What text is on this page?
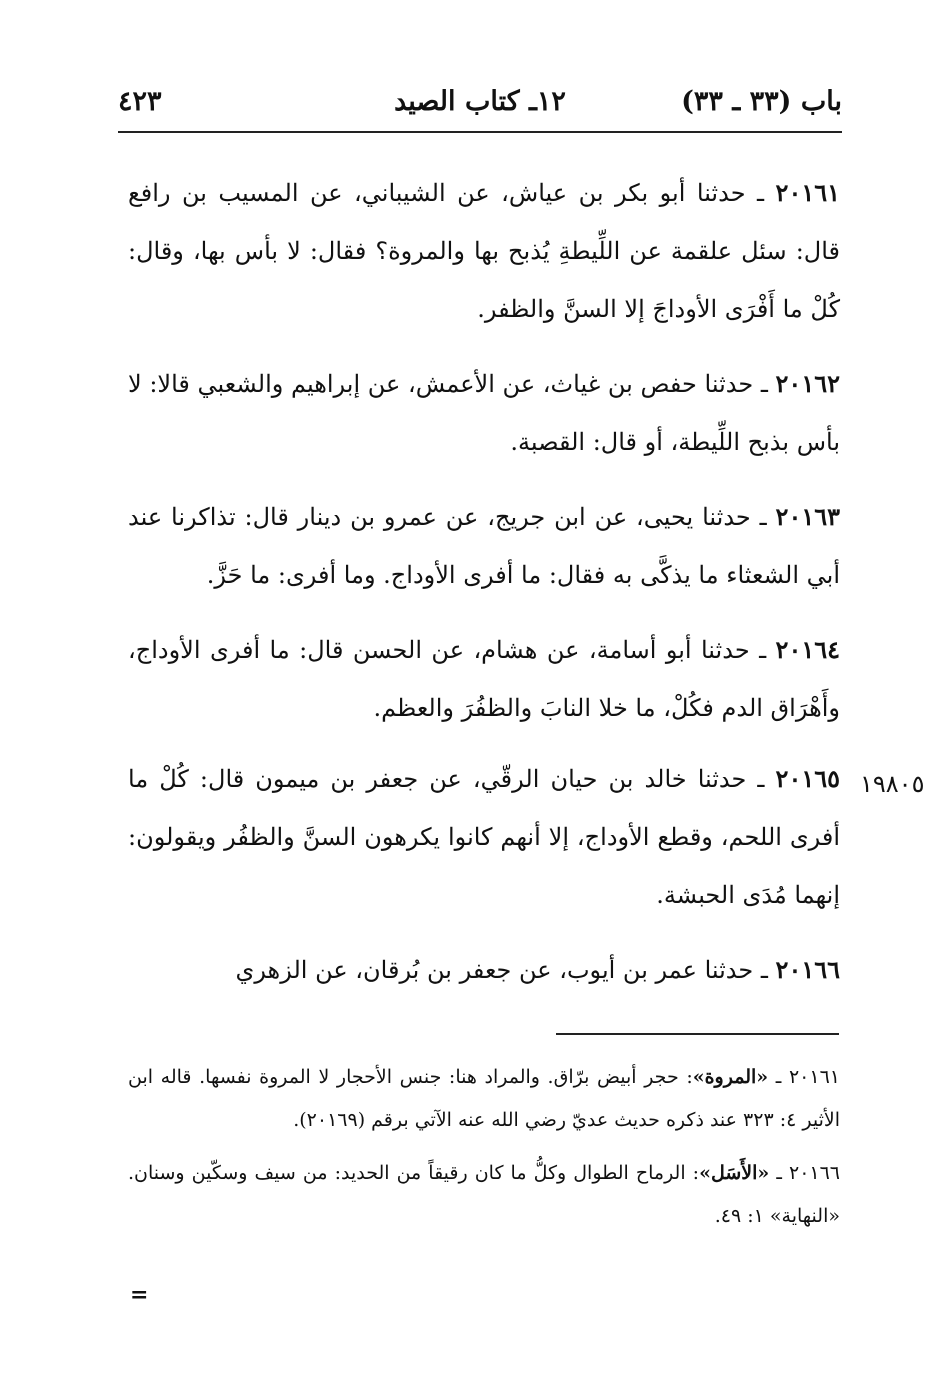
باب (٣٣ ـ ٣٣)
١٢ـ كتاب الصيد
٤٢٣
١٩٨٠٥

٢٠١٦١ ـ حدثنا أبو بكر بن عياش، عن الشيباني، عن المسيب بن رافع قال: سئل علقمة عن اللِّيطةِ يُذبح بها والمروة؟ فقال: لا بأس بها، وقال: كُلْ ما أَفْرَى الأوداجَ إلا السنَّ والظفر.

٢٠١٦٢ ـ حدثنا حفص بن غياث، عن الأعمش، عن إبراهيم والشعبي قالا: لا بأس بذبح اللِّيطة، أو قال: القصبة.

٢٠١٦٣ ـ حدثنا يحيى، عن ابن جريج، عن عمرو بن دينار قال: تذاكرنا عند أبي الشعثاء ما يذكَّى به فقال: ما أفرى الأوداج. وما أفرى: ما حَزَّ.

٢٠١٦٤ ـ حدثنا أبو أسامة، عن هشام، عن الحسن قال: ما أفرى الأوداج، وأَهْرَاق الدم فكُلْ، ما خلا النابَ والظفُرَ والعظم.

٢٠١٦٥ ـ حدثنا خالد بن حيان الرقّي، عن جعفر بن ميمون قال: كُلْ ما أفرى اللحم، وقطع الأوداج، إلا أنهم كانوا يكرهون السنَّ والظفُر ويقولون: إنهما مُدَى الحبشة.

٢٠١٦٦ ـ حدثنا عمر بن أيوب، عن جعفر بن بُرقان، عن الزهري

٢٠١٦١ ـ «المروة»: حجر أبيض برّاق. والمراد هنا: جنس الأحجار لا المروة نفسها. قاله ابن الأثير ٤: ٣٢٣ عند ذكره حديث عديّ رضي الله عنه الآتي برقم (٢٠١٦٩).

٢٠١٦٦ ـ «الأَسَل»: الرماح الطوال وكلُّ ما كان رقيقاً من الحديد: من سيف وسكّين وسنان. «النهاية» ١: ٤٩.

=
